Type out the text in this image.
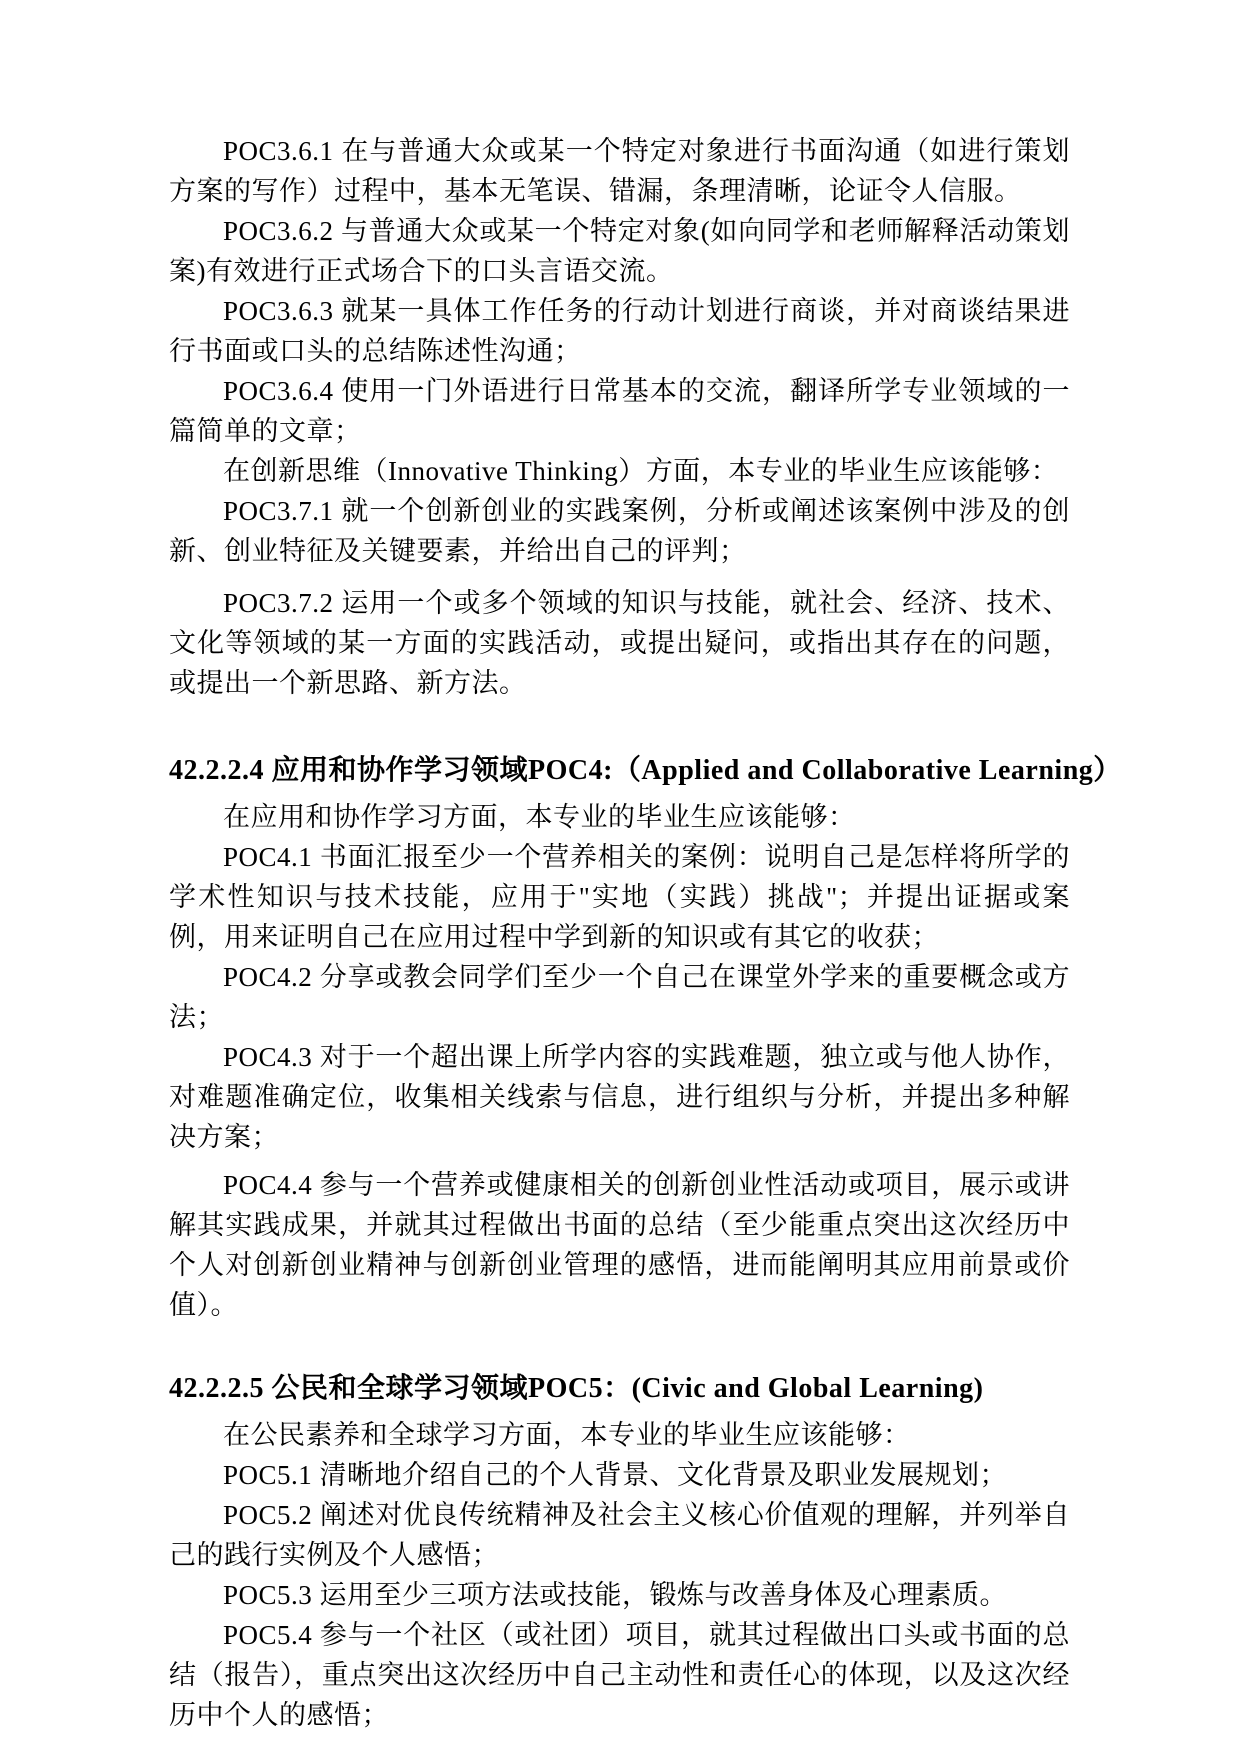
POC3.6.1 在与普通大众或某一个特定对象进行书面沟通（如进行策划方案的写作）过程中，基本无笔误、错漏，条理清晰，论证令人信服。

POC3.6.2 与普通大众或某一个特定对象(如向同学和老师解释活动策划案)有效进行正式场合下的口头言语交流。

POC3.6.3 就某一具体工作任务的行动计划进行商谈，并对商谈结果进行书面或口头的总结陈述性沟通；

POC3.6.4 使用一门外语进行日常基本的交流，翻译所学专业领域的一篇简单的文章；

在创新思维（Innovative Thinking）方面，本专业的毕业生应该能够：

POC3.7.1 就一个创新创业的实践案例，分析或阐述该案例中涉及的创新、创业特征及关键要素，并给出自己的评判；

POC3.7.2 运用一个或多个领域的知识与技能，就社会、经济、技术、文化等领域的某一方面的实践活动，或提出疑问，或指出其存在的问题，或提出一个新思路、新方法。

42.2.2.4 应用和协作学习领域POC4:（Applied and Collaborative Learning）

在应用和协作学习方面，本专业的毕业生应该能够：

POC4.1 书面汇报至少一个营养相关的案例：说明自己是怎样将所学的学术性知识与技术技能，应用于"实地（实践）挑战"；并提出证据或案例，用来证明自己在应用过程中学到新的知识或有其它的收获；

POC4.2 分享或教会同学们至少一个自己在课堂外学来的重要概念或方法；

POC4.3 对于一个超出课上所学内容的实践难题，独立或与他人协作，对难题准确定位，收集相关线索与信息，进行组织与分析，并提出多种解决方案；

POC4.4 参与一个营养或健康相关的创新创业性活动或项目，展示或讲解其实践成果，并就其过程做出书面的总结（至少能重点突出这次经历中个人对创新创业精神与创新创业管理的感悟，进而能阐明其应用前景或价值）。

42.2.2.5 公民和全球学习领域POC5：(Civic and Global Learning)

在公民素养和全球学习方面，本专业的毕业生应该能够：

POC5.1 清晰地介绍自己的个人背景、文化背景及职业发展规划；

POC5.2 阐述对优良传统精神及社会主义核心价值观的理解，并列举自己的践行实例及个人感悟；

POC5.3 运用至少三项方法或技能，锻炼与改善身体及心理素质。

POC5.4 参与一个社区（或社团）项目，就其过程做出口头或书面的总结（报告），重点突出这次经历中自己主动性和责任心的体现，以及这次经历中个人的感悟；
